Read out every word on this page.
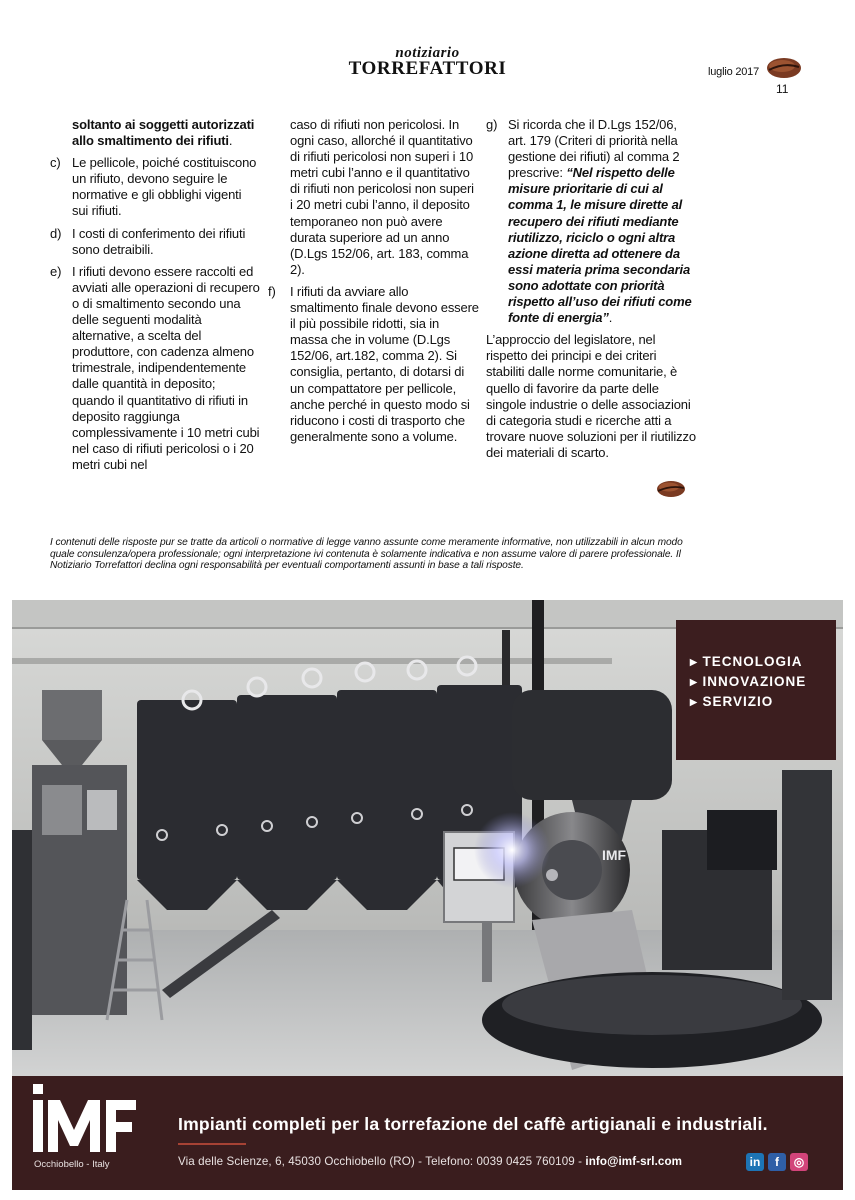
notiziario
TORREFATTORI	luglio 2017
11
soltanto ai soggetti autorizzati allo smaltimento dei rifiuti.
c) Le pellicole, poiché costituiscono un rifiuto, devono seguire le normative e gli obblighi vigenti sui rifiuti.
d) I costi di conferimento dei rifiuti sono detraibili.
e) I rifiuti devono essere raccolti ed avviati alle operazioni di recupero o di smaltimento secondo una delle seguenti modalità alternative, a scelta del produttore, con cadenza almeno trimestrale, indipendentemente dalle quantità in deposito; quando il quantitativo di rifiuti in deposito raggiunga complessivamente i 10 metri cubi nel caso di rifiuti pericolosi o i 20 metri cubi nel
caso di rifiuti non pericolosi. In ogni caso, allorché il quantitativo di rifiuti pericolosi non superi i 10 metri cubi l’anno e il quantitativo di rifiuti non pericolosi non superi i 20 metri cubi l’anno, il deposito temporaneo non può avere durata superiore ad un anno (D.Lgs 152/06, art. 183, comma 2).
f)	I rifiuti da avviare allo smaltimento finale devono essere il più possibile ridotti, sia in massa che in volume (D.Lgs 152/06, art.182, comma 2). Si consiglia, pertanto, di dotarsi di un compattatore per pellicole, anche perché in questo modo si riducono i costi di trasporto che generalmente sono a volume.
g) Si ricorda che il D.Lgs 152/06, art. 179 (Criteri di priorità nella gestione dei rifiuti) al comma 2 prescrive: “Nel rispetto delle misure prioritarie di cui al comma 1, le misure dirette al recupero dei rifiuti mediante riutilizzo, riciclo o ogni altra azione diretta ad ottenere da essi materia prima secondaria sono adottate con priorità rispetto all’uso dei rifiuti come fonte di energia”.
L’approccio del legislatore, nel rispetto dei principi e dei criteri stabiliti dalle norme comunitarie, è quello di favorire da parte delle singole industrie o delle associazioni di categoria studi e ricerche atti a trovare nuove soluzioni per il riutilizzo dei materiali di scarto.
I contenuti delle risposte pur se tratte da articoli o normative di legge vanno assunte come meramente informative, non utilizzabili in alcun modo quale consulenza/opera professionale; ogni interpretazione ivi contenuta è solamente indicativa e non assume valore di parere professionale. Il Notiziario Torrefattori declina ogni responsabilità per eventuali comportamenti assunti in base a tali risposte.
IMF
▸ TECNOLOGIA
▸ INNOVAZIONE
▸ SERVIZIO
Occhiobello - Italy
Impianti completi per la torrefazione del caffè artigianali e industriali.
Via delle Scienze, 6, 45030 Occhiobello (RO) - Telefono: 0039 0425 760109 - info@imf-srl.com	in	f	◎
